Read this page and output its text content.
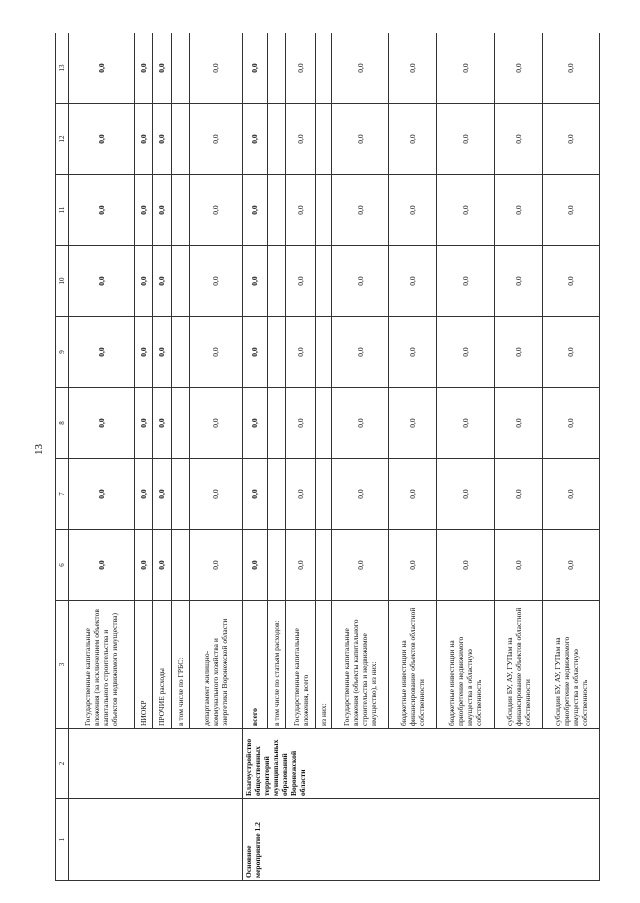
13
1	2	3	6	7	8	9	10	11	12	13
		Государственные капитальные вложения (за исключением объектов капитального строительства и объектов недвижимого имущества)	0,0	0,0	0,0	0,0	0,0	0,0	0,0	0,0
		НИОКР	0,0	0,0	0,0	0,0	0,0	0,0	0,0	0,0
		ПРОЧИЕ расходы	0,0	0,0	0,0	0,0	0,0	0,0	0,0	0,0
		в том числе по ГРБС:								
		департамент жилищно-коммунального хозяйства и энергетики Воронежской области	0,0	0,0	0,0	0,0	0,0	0,0	0,0	0,0
Основное мероприятие 1.2	Благоустройство общественных территорий муниципальных образований Воронежской области	всего	0,0	0,0	0,0	0,0	0,0	0,0	0,0	0,0
		в том числе по статьям расходов:								
		Государственные капитальные вложения, всего	0,0	0,0	0,0	0,0	0,0	0,0	0,0	0,0
		из них:								
		Государственные капитальные вложения (объекты капитального строительства и недвижимое имущество), из них:	0,0	0,0	0,0	0,0	0,0	0,0	0,0	0,0
		бюджетные инвестиции на финансирование объектов областной собственности	0,0	0,0	0,0	0,0	0,0	0,0	0,0	0,0
		бюджетные инвестиции на приобретение недвижимого имущества в областную собственность	0,0	0,0	0,0	0,0	0,0	0,0	0,0	0,0
		субсидии БУ, АУ, ГУПам на финансирование объектов областной собственности	0,0	0,0	0,0	0,0	0,0	0,0	0,0	0,0
		субсидии БУ, АУ, ГУПам на приобретение недвижимого имущества в областную собственность	0,0	0,0	0,0	0,0	0,0	0,0	0,0	0,0
